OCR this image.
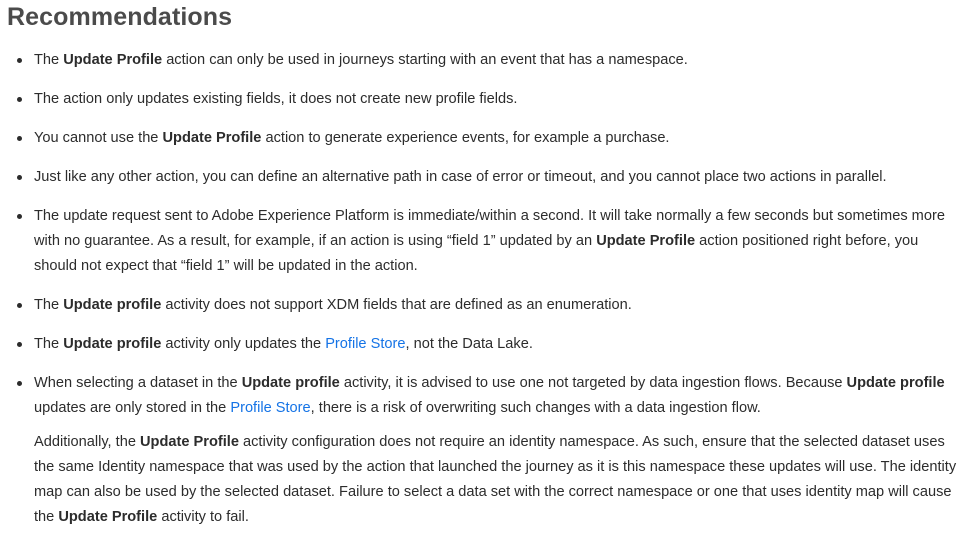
Recommendations
The Update Profile action can only be used in journeys starting with an event that has a namespace.
The action only updates existing fields, it does not create new profile fields.
You cannot use the Update Profile action to generate experience events, for example a purchase.
Just like any other action, you can define an alternative path in case of error or timeout, and you cannot place two actions in parallel.
The update request sent to Adobe Experience Platform is immediate/within a second. It will take normally a few seconds but sometimes more with no guarantee. As a result, for example, if an action is using “field 1” updated by an Update Profile action positioned right before, you should not expect that “field 1” will be updated in the action.
The Update profile activity does not support XDM fields that are defined as an enumeration.
The Update profile activity only updates the Profile Store, not the Data Lake.
When selecting a dataset in the Update profile activity, it is advised to use one not targeted by data ingestion flows. Because Update profile updates are only stored in the Profile Store, there is a risk of overwriting such changes with a data ingestion flow.
Additionally, the Update Profile activity configuration does not require an identity namespace. As such, ensure that the selected dataset uses the same Identity namespace that was used by the action that launched the journey as it is this namespace these updates will use. The identity map can also be used by the selected dataset. Failure to select a data set with the correct namespace or one that uses identity map will cause the Update Profile activity to fail.
